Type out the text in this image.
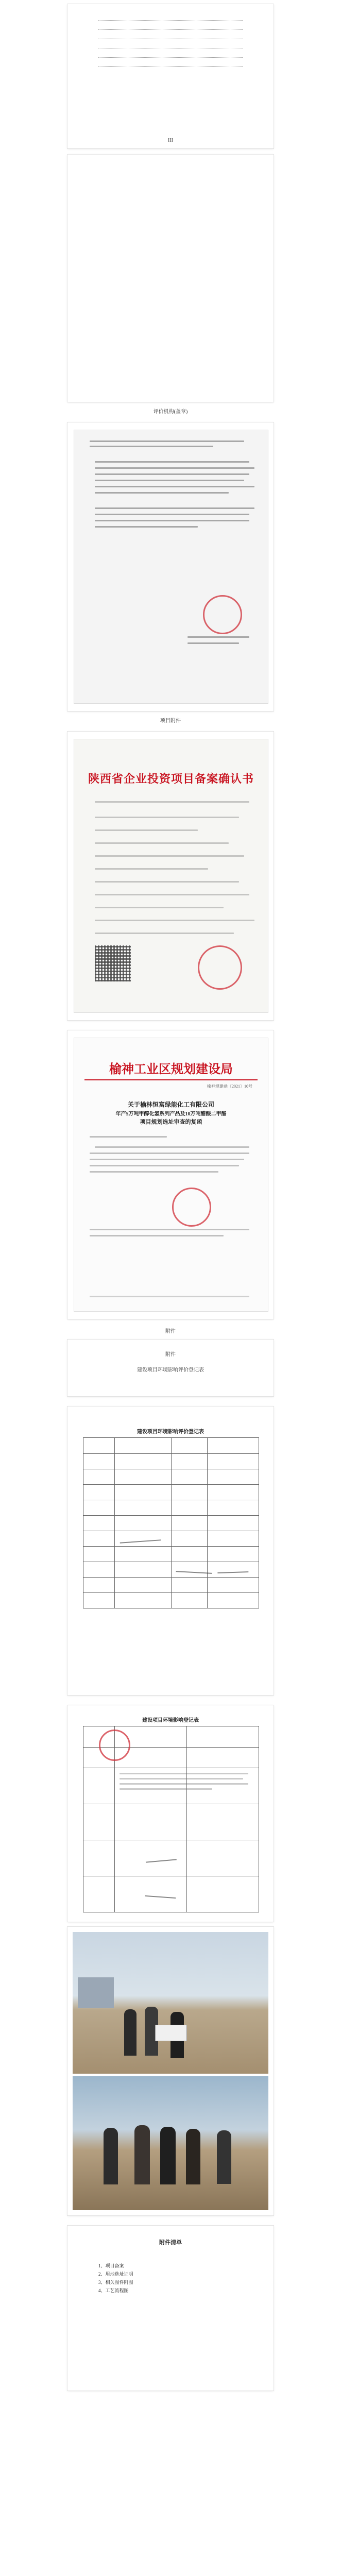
III
评价机构(盖章)
项目附件
陕西省企业投资项目备案确认书
榆神工业区规划建设局
榆神规建函〔2021〕10号
关于榆林恒富绿能化工有限公司
年产5万吨甲醇化氢系列产品及10万吨醋酸二甲酯
项目规划选址审查的复函
附件
附件
建设项目环境影响评价登记表
建设项目环境影响评价登记表
建设项目环境影响登记表
附件清单
1、项目备案
2、用地选址证明
3、相关图件附图
4、工艺流程图
